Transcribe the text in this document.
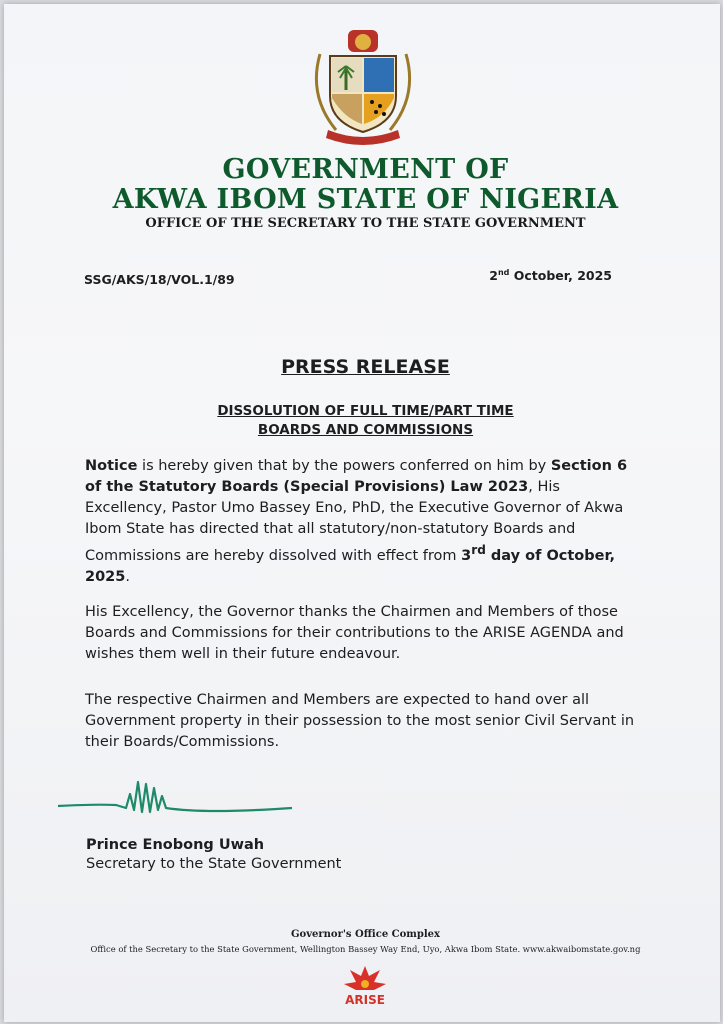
GOVERNMENT OF
AKWA IBOM STATE OF NIGERIA
OFFICE OF THE SECRETARY TO THE STATE GOVERNMENT
SSG/AKS/18/VOL.1/89	2nd October, 2025
PRESS RELEASE
DISSOLUTION OF FULL TIME/PART TIME
BOARDS AND COMMISSIONS

Notice is hereby given that by the powers conferred on him by Section 6 of the Statutory Boards (Special Provisions) Law 2023, His Excellency, Pastor Umo Bassey Eno, PhD, the Executive Governor of Akwa Ibom State has directed that all statutory/non-statutory Boards and Commissions are hereby dissolved with effect from 3rd day of October, 2025.

His Excellency, the Governor thanks the Chairmen and Members of those Boards and Commissions for their contributions to the ARISE AGENDA and wishes them well in their future endeavour.

The respective Chairmen and Members are expected to hand over all Government property in their possession to the most senior Civil Servant in their Boards/Commissions.

Prince Enobong Uwah
Secretary to the State Government
Governor's Office Complex
Office of the Secretary to the State Government, Wellington Bassey Way End, Uyo, Akwa Ibom State. www.akwaibomstate.gov.ng
ARISE
